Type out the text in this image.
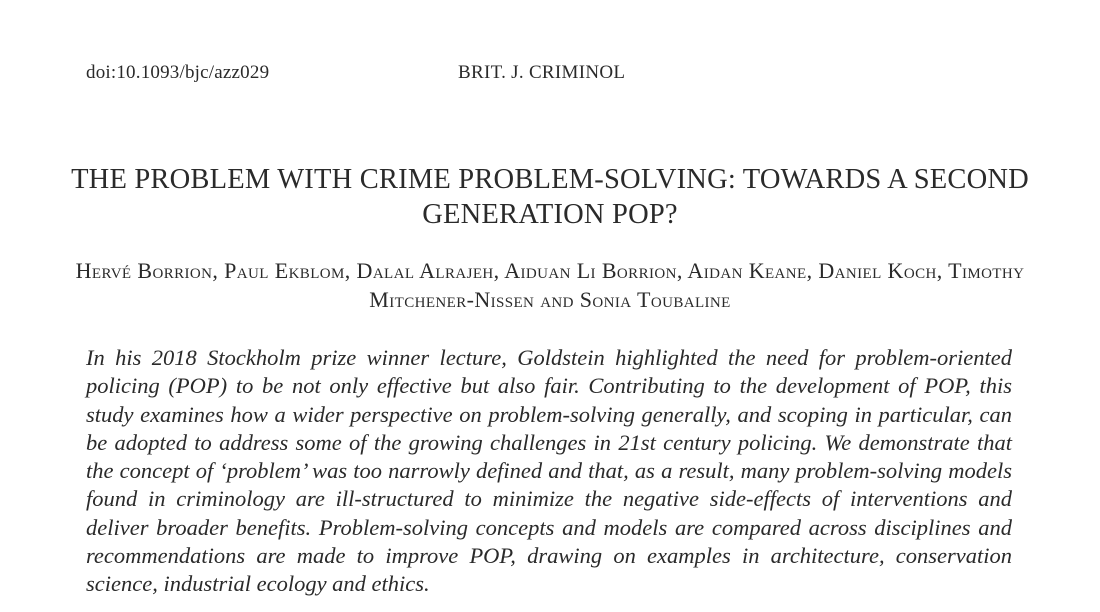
doi:10.1093/bjc/azz029	BRIT. J. CRIMINOL
THE PROBLEM WITH CRIME PROBLEM-SOLVING: TOWARDS A SECOND GENERATION POP?
Hervé Borrion, Paul Ekblom, Dalal Alrajeh, Aiduan Li Borrion, Aidan Keane, Daniel Koch, Timothy Mitchener-Nissen and Sonia Toubaline
In his 2018 Stockholm prize winner lecture, Goldstein highlighted the need for problem-oriented policing (POP) to be not only effective but also fair. Contributing to the development of POP, this study examines how a wider perspective on problem-solving generally, and scoping in particular, can be adopted to address some of the growing challenges in 21st century policing. We demonstrate that the concept of ‘problem’ was too narrowly defined and that, as a result, many problem-solving models found in criminology are ill-structured to minimize the negative side-effects of interventions and deliver broader benefits. Problem-solving concepts and models are compared across disciplines and recommendations are made to improve POP, drawing on examples in architecture, conservation science, industrial ecology and ethics.
